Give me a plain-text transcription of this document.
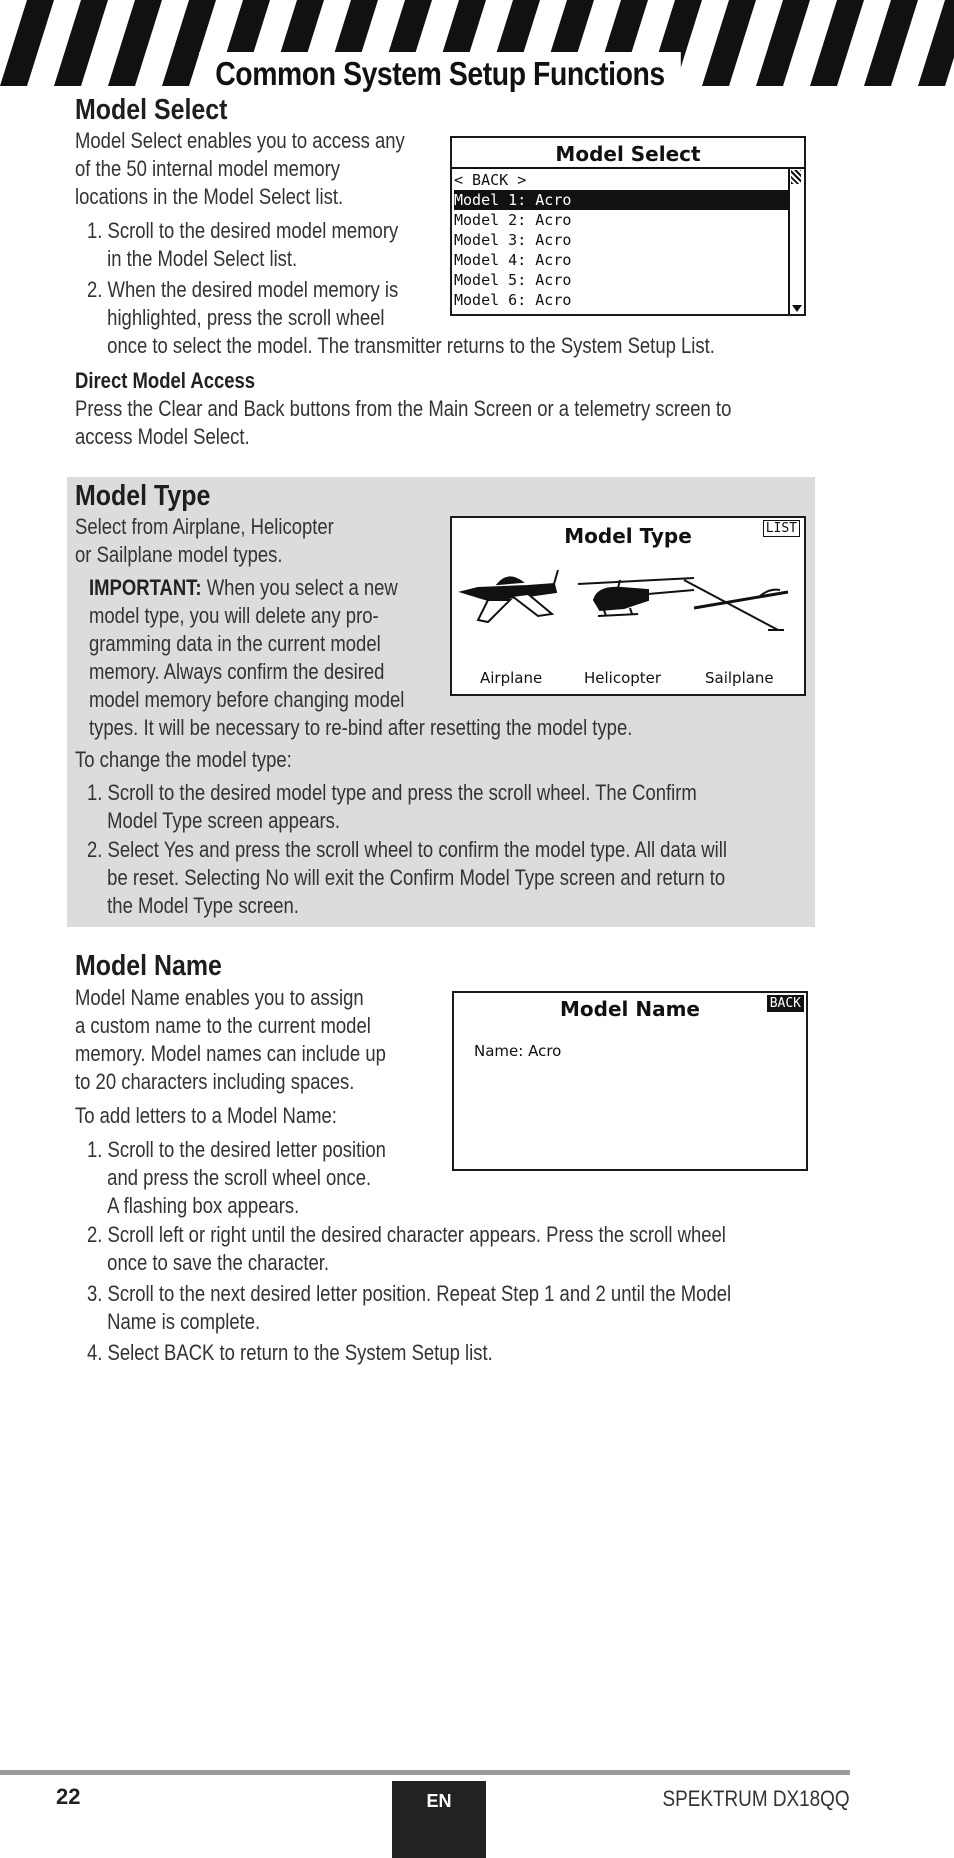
Common System Setup Functions
Model Select
Model Select enables you to access any
of the 50 internal model memory
locations in the Model Select list.
1. Scroll to the desired model memory
in the Model Select list.
2. When the desired model memory is
highlighted, press the scroll wheel
once to select the model. The transmitter returns to the System Setup List.
Direct Model Access
Press the Clear and Back buttons from the Main Screen or a telemetry screen to
access Model Select.
Model Select
< BACK >
Model 1: Acro
Model 2: Acro
Model 3: Acro
Model 4: Acro
Model 5: Acro
Model 6: Acro
Model Type
Select from Airplane, Helicopter
or Sailplane model types.
IMPORTANT: When you select a new
model type, you will delete any pro-
gramming data in the current model
memory. Always confirm the desired
model memory before changing model
types. It will be necessary to re-bind after resetting the model type.
To change the model type:
1. Scroll to the desired model type and press the scroll wheel. The Confirm
Model Type screen appears.
2. Select Yes and press the scroll wheel to confirm the model type. All data will
be reset. Selecting No will exit the Confirm Model Type screen and return to
the Model Type screen.
Model Type	LIST
Airplane	Helicopter	Sailplane
Model Name
Model Name enables you to assign
a custom name to the current model
memory. Model names can include up
to 20 characters including spaces.
To add letters to a Model Name:
1. Scroll to the desired letter position
and press the scroll wheel once.
A flashing box appears.
2. Scroll left or right until the desired character appears. Press the scroll wheel
once to save the character.
3. Scroll to the next desired letter position. Repeat Step 1 and 2 until the Model
Name is complete.
4. Select BACK to return to the System Setup list.
Model Name	BACK
Name: Acro
22	EN	SPEKTRUM DX18QQ
